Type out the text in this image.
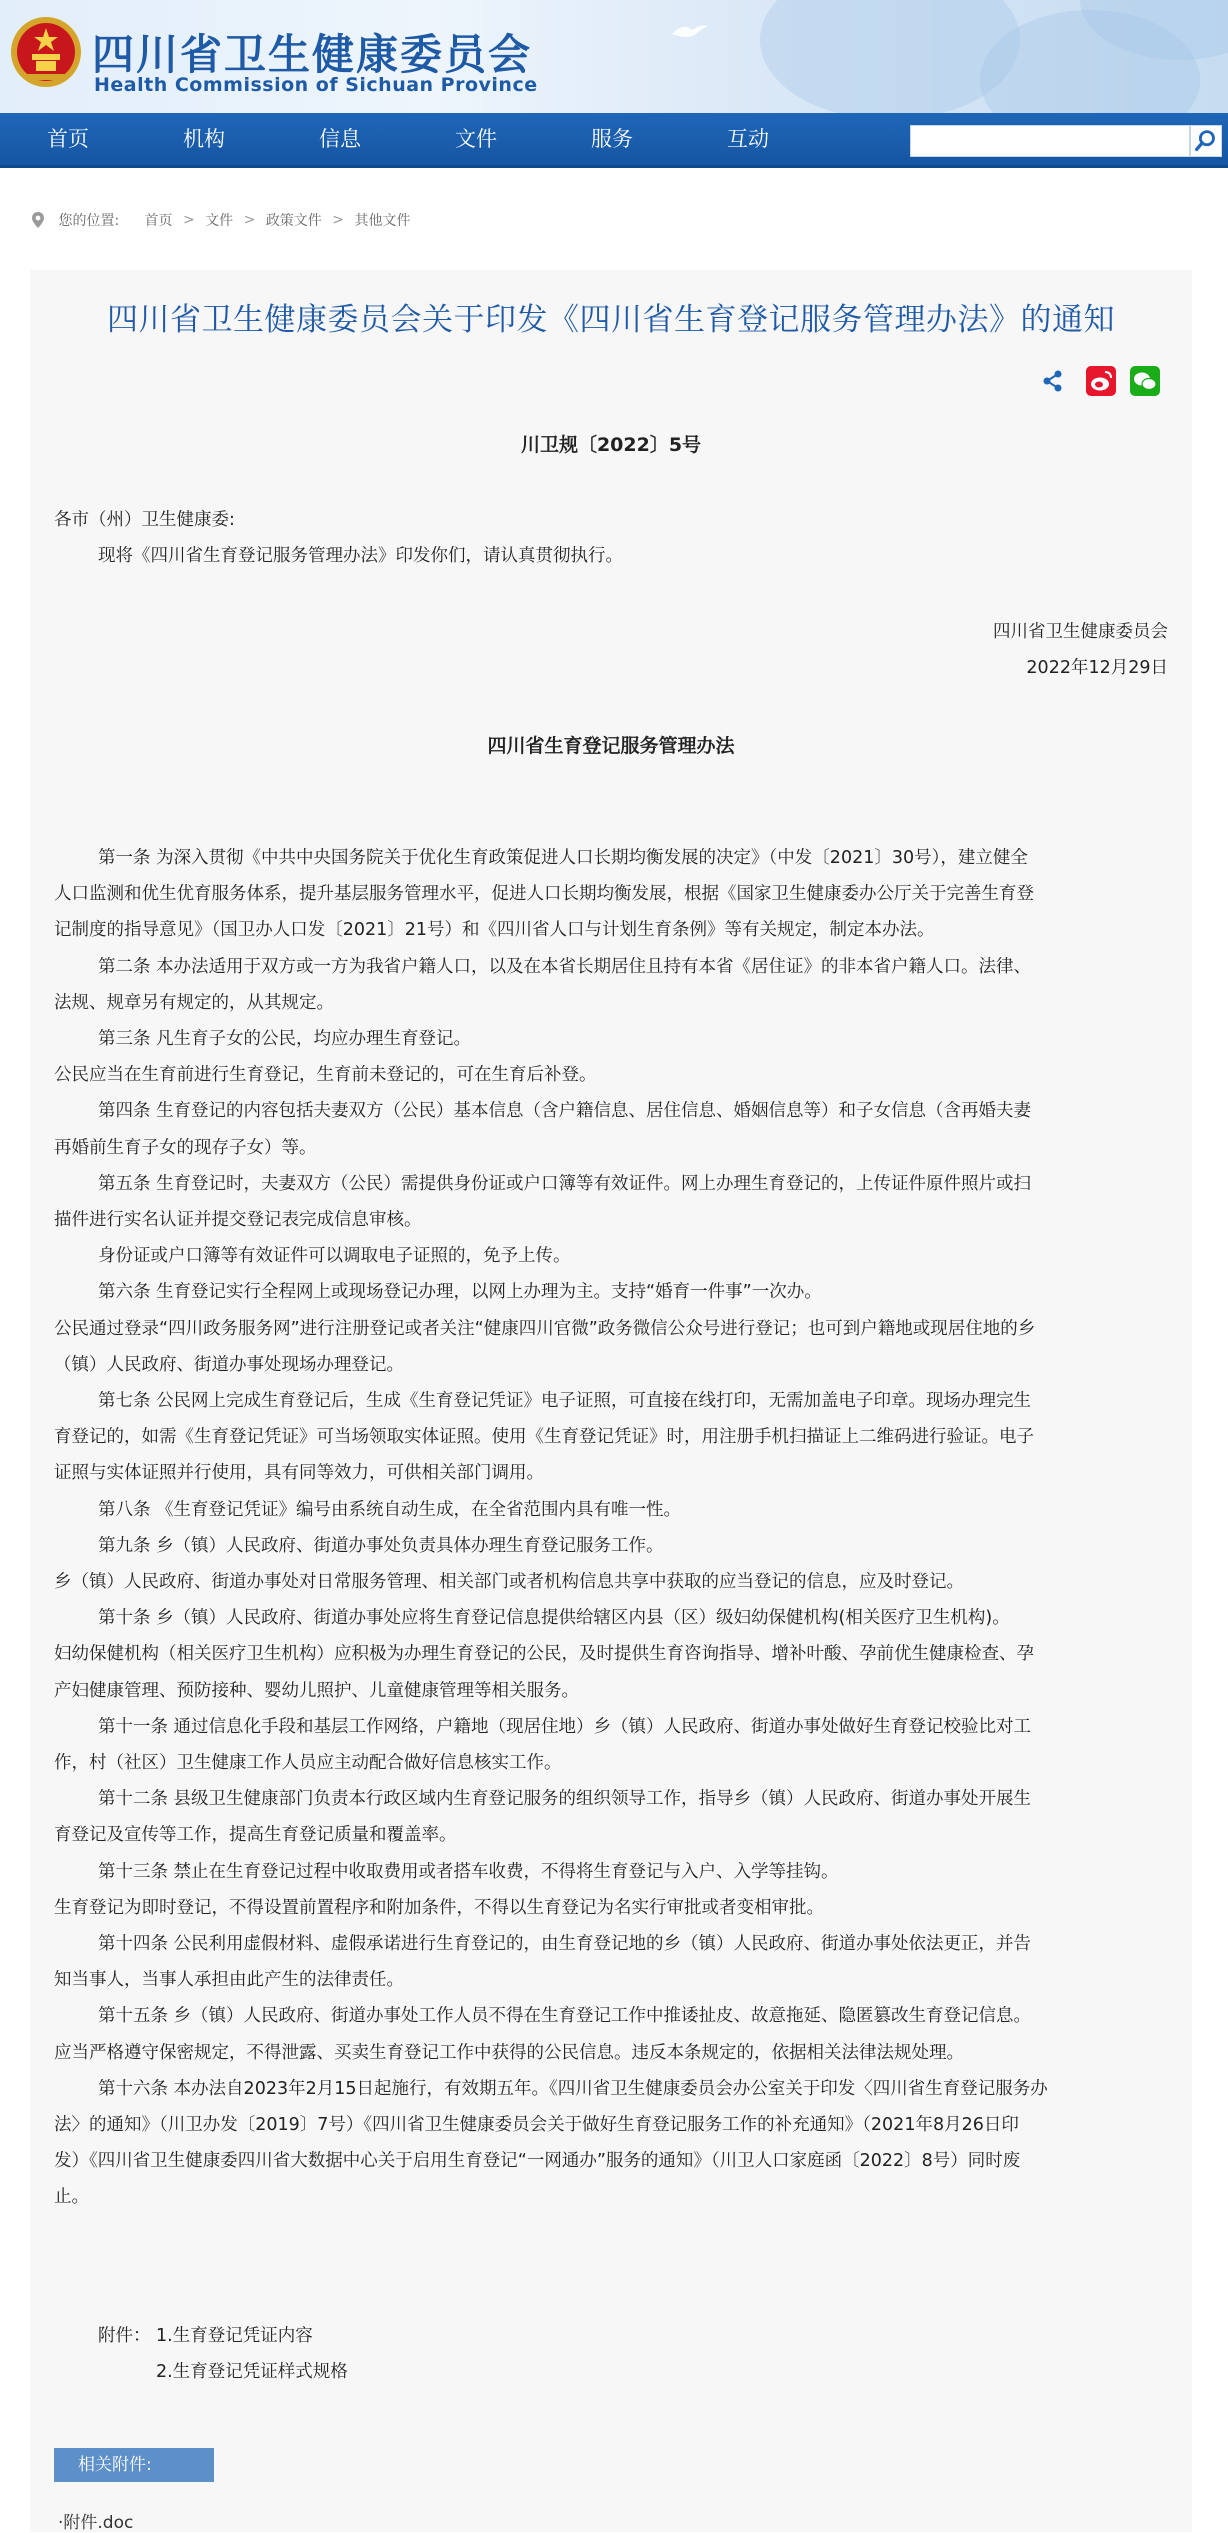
四川省卫生健康委员会
Health Commission of Sichuan Province
首页	机构	信息	文件	服务	互动
您的位置: 首页 > 文件 > 政策文件 > 其他文件
四川省卫生健康委员会关于印发《四川省生育登记服务管理办法》的通知
川卫规〔2022〕5号
各市（州）卫生健康委:
现将《四川省生育登记服务管理办法》印发你们，请认真贯彻执行。
四川省卫生健康委员会
2022年12月29日
四川省生育登记服务管理办法
第一条 为深入贯彻《中共中央国务院关于优化生育政策促进人口长期均衡发展的决定》（中发〔2021〕30号），建立健全
人口监测和优生优育服务体系，提升基层服务管理水平，促进人口长期均衡发展，根据《国家卫生健康委办公厅关于完善生育登
记制度的指导意见》（国卫办人口发〔2021〕21号）和《四川省人口与计划生育条例》等有关规定，制定本办法。
第二条 本办法适用于双方或一方为我省户籍人口，以及在本省长期居住且持有本省《居住证》的非本省户籍人口。法律、
法规、规章另有规定的，从其规定。
第三条 凡生育子女的公民，均应办理生育登记。
公民应当在生育前进行生育登记，生育前未登记的，可在生育后补登。
第四条 生育登记的内容包括夫妻双方（公民）基本信息（含户籍信息、居住信息、婚姻信息等）和子女信息（含再婚夫妻
再婚前生育子女的现存子女）等。
第五条 生育登记时，夫妻双方（公民）需提供身份证或户口簿等有效证件。网上办理生育登记的，上传证件原件照片或扫
描件进行实名认证并提交登记表完成信息审核。
身份证或户口簿等有效证件可以调取电子证照的，免予上传。
第六条 生育登记实行全程网上或现场登记办理，以网上办理为主。支持“婚育一件事”一次办。
公民通过登录“四川政务服务网”进行注册登记或者关注“健康四川官微”政务微信公众号进行登记；也可到户籍地或现居住地的乡
（镇）人民政府、街道办事处现场办理登记。
第七条 公民网上完成生育登记后，生成《生育登记凭证》电子证照，可直接在线打印，无需加盖电子印章。现场办理完生
育登记的，如需《生育登记凭证》可当场领取实体证照。使用《生育登记凭证》时，用注册手机扫描证上二维码进行验证。电子
证照与实体证照并行使用，具有同等效力，可供相关部门调用。
第八条 《生育登记凭证》编号由系统自动生成，在全省范围内具有唯一性。
第九条 乡（镇）人民政府、街道办事处负责具体办理生育登记服务工作。
乡（镇）人民政府、街道办事处对日常服务管理、相关部门或者机构信息共享中获取的应当登记的信息，应及时登记。
第十条 乡（镇）人民政府、街道办事处应将生育登记信息提供给辖区内县（区）级妇幼保健机构(相关医疗卫生机构)。
妇幼保健机构（相关医疗卫生机构）应积极为办理生育登记的公民，及时提供生育咨询指导、增补叶酸、孕前优生健康检查、孕
产妇健康管理、预防接种、婴幼儿照护、儿童健康管理等相关服务。
第十一条 通过信息化手段和基层工作网络，户籍地（现居住地）乡（镇）人民政府、街道办事处做好生育登记校验比对工
作，村（社区）卫生健康工作人员应主动配合做好信息核实工作。
第十二条 县级卫生健康部门负责本行政区域内生育登记服务的组织领导工作，指导乡（镇）人民政府、街道办事处开展生
育登记及宣传等工作，提高生育登记质量和覆盖率。
第十三条 禁止在生育登记过程中收取费用或者搭车收费，不得将生育登记与入户、入学等挂钩。
生育登记为即时登记，不得设置前置程序和附加条件，不得以生育登记为名实行审批或者变相审批。
第十四条 公民利用虚假材料、虚假承诺进行生育登记的，由生育登记地的乡（镇）人民政府、街道办事处依法更正，并告
知当事人，当事人承担由此产生的法律责任。
第十五条 乡（镇）人民政府、街道办事处工作人员不得在生育登记工作中推诿扯皮、故意拖延、隐匿篡改生育登记信息。
应当严格遵守保密规定，不得泄露、买卖生育登记工作中获得的公民信息。违反本条规定的，依据相关法律法规处理。
第十六条 本办法自2023年2月15日起施行，有效期五年。《四川省卫生健康委员会办公室关于印发〈四川省生育登记服务办
法〉的通知》（川卫办发〔2019〕7号）《四川省卫生健康委员会关于做好生育登记服务工作的补充通知》（2021年8月26日印
发）《四川省卫生健康委四川省大数据中心关于启用生育登记“一网通办”服务的通知》（川卫人口家庭函〔2022〕8号）同时废
止。
附件： 1.生育登记凭证内容
2.生育登记凭证样式规格
相关附件:
·附件.doc
